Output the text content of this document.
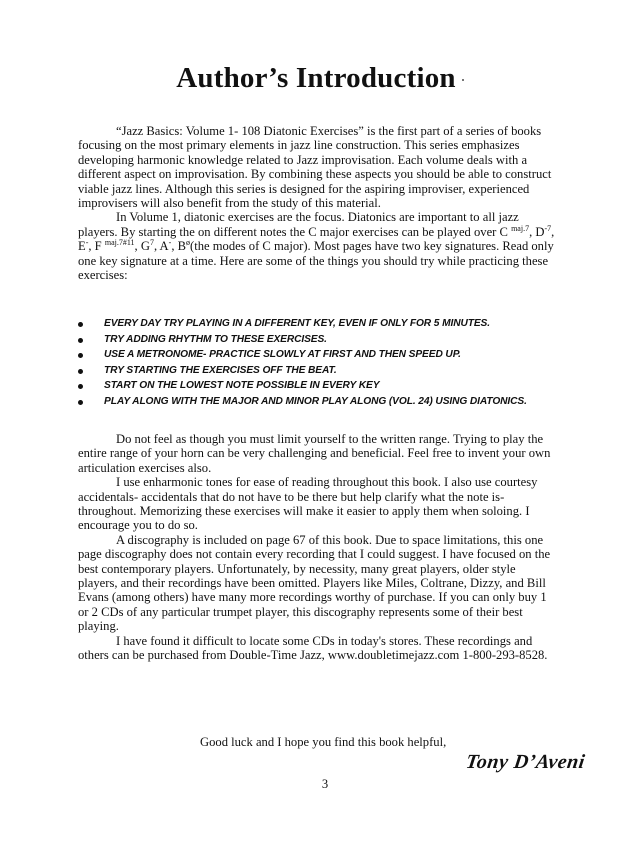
Author’s Introduction

“Jazz Basics: Volume 1- 108 Diatonic Exercises” is the first part of a series of books focusing on the most primary elements in jazz line construction. This series emphasizes developing harmonic knowledge related to Jazz improvisation. Each volume deals with a different aspect on improvisation. By combining these aspects you should be able to construct viable jazz lines. Although this series is designed for the aspiring improviser, experienced improvisers will also benefit from the study of this material.

In Volume 1, diatonic exercises are the focus. Diatonics are important to all jazz players. By starting the on different notes the C major exercises can be played over C $^{maj.7}$, $D^{-7}$, E-, F $^{maj.7\#11}$, $G^7$, A-, $B^ø(the$ modes of C major). Most pages have two key signatures. Read only one key signature at a time. Here are some of the things you should try while practicing these exercises:

EVERY DAY TRY PLAYING IN A DIFFERENT KEY, EVEN IF ONLY FOR 5 MINUTES.
TRY ADDING RHYTHM TO THESE EXERCISES.
USE A METRONOME- PRACTICE SLOWLY AT FIRST AND THEN SPEED UP.
TRY STARTING THE EXERCISES OFF THE BEAT.
START ON THE LOWEST NOTE POSSIBLE IN EVERY KEY
PLAY ALONG WITH THE MAJOR AND MINOR PLAY ALONG (VOL. 24) USING DIATONICS.

Do not feel as though you must limit yourself to the written range. Trying to play the entire range of your horn can be very challenging and beneficial. Feel free to invent your own articulation exercises also.

I use enharmonic tones for ease of reading throughout this book. I also use courtesy accidentals- accidentals that do not have to be there but help clarify what the note is- throughout. Memorizing these exercises will make it easier to apply them when soloing. I encourage you to do so.

A discography is included on page 67 of this book. Due to space limitations, this one page discography does not contain every recording that I could suggest. I have focused on the best contemporary players. Unfortunately, by necessity, many great players, older style players, and their recordings have been omitted. Players like Miles, Coltrane, Dizzy, and Bill Evans (among others) have many more recordings worthy of purchase. If you can only buy 1 or 2 CDs of any particular trumpet player, this discography represents some of their best playing.

I have found it difficult to locate some CDs in today's stores. These recordings and others can be purchased from Double-Time Jazz, www.doubletimejazz.com 1-800-293-8528.

Good luck and I hope you find this book helpful,
Tony D’Aveni
3
